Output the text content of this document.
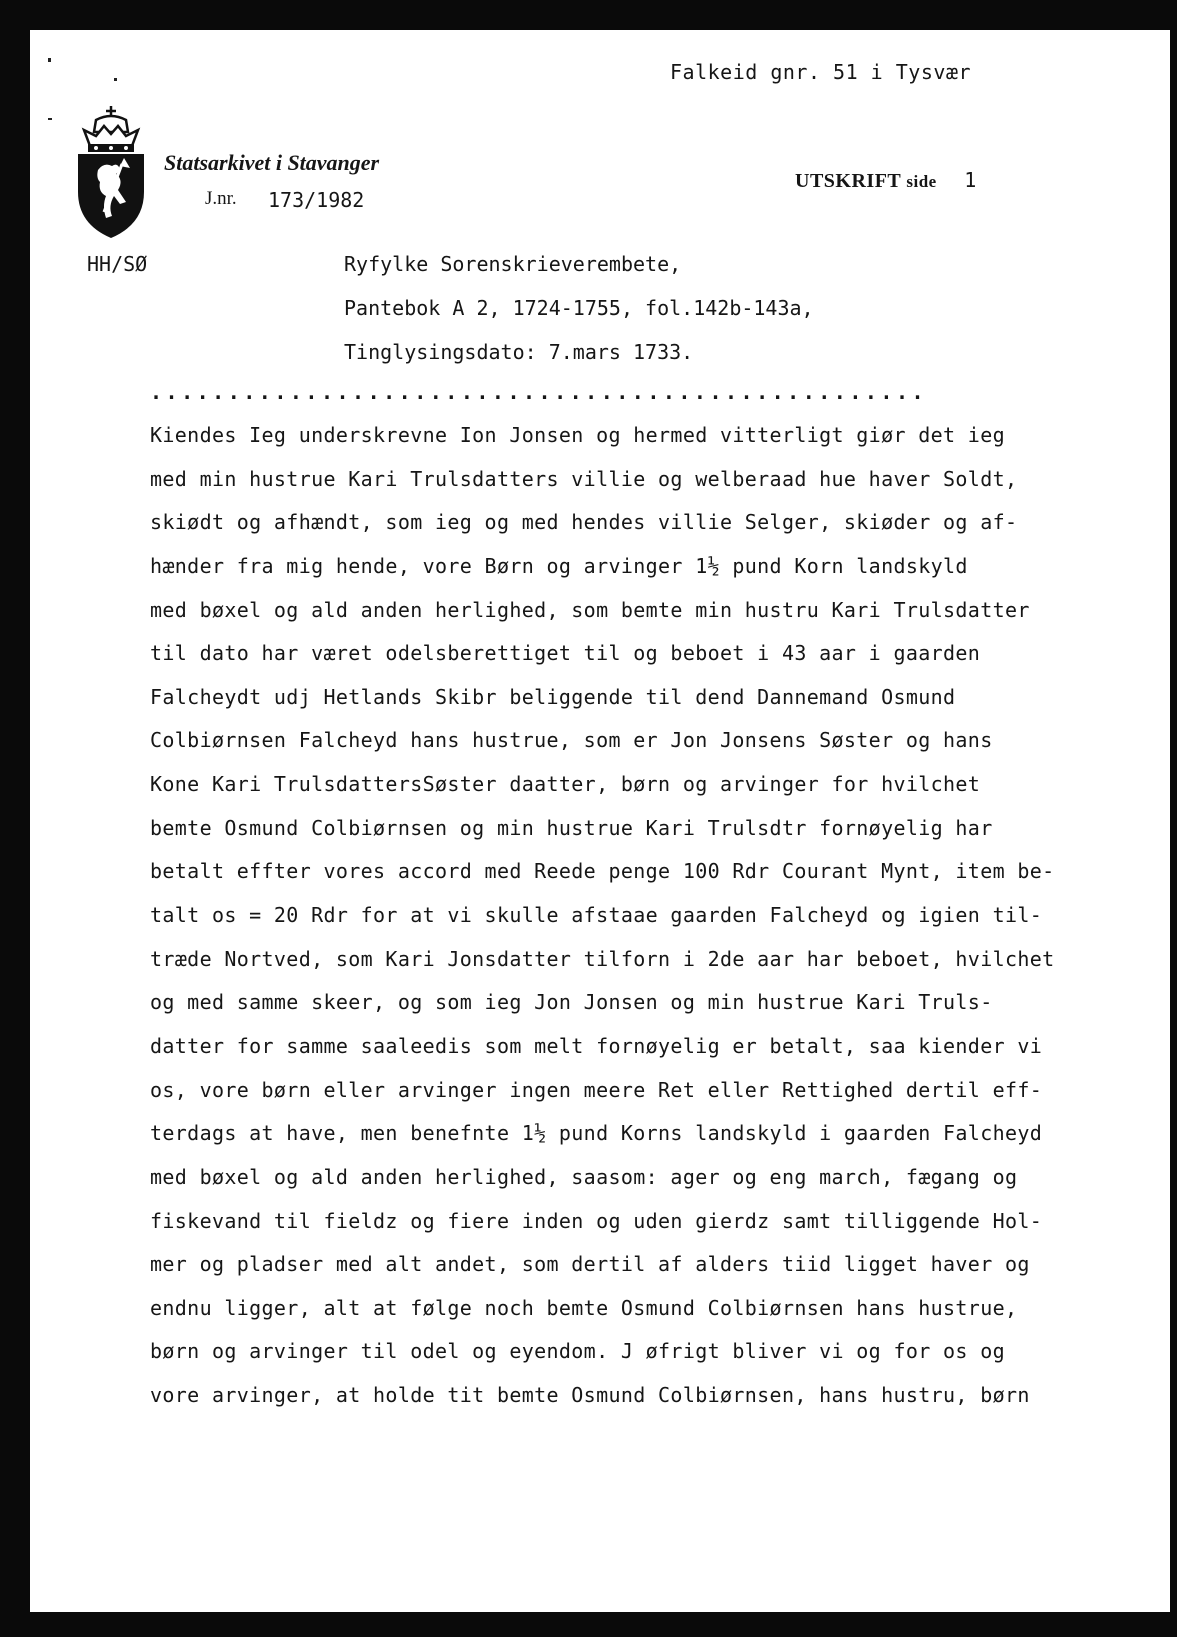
Falkeid gnr. 51 i Tysvær
Statsarkivet i Stavanger
J.nr. 173/1982
UTSKRIFT side 1
HH/SØ	Ryfylke Sorenskrieverembete,
Pantebok A 2, 1724-1755, fol.142b-143a,
Tinglysingsdato: 7.mars 1733.
..................................................
Kiendes Ieg underskrevne Ion Jonsen og hermed vitterligt giør det ieg
med min hustrue Kari Trulsdatters villie og welberaad hue haver Soldt,
skiødt og afhændt, som ieg og med hendes villie Selger, skiøder og af-
hænder fra mig hende, vore Børn og arvinger 1½ pund Korn landskyld
med bøxel og ald anden herlighed, som bemte min hustru Kari Trulsdatter
til dato har været odelsberettiget til og beboet i 43 aar i gaarden
Falcheydt udj Hetlands Skibr beliggende til dend Dannemand Osmund
Colbiørnsen Falcheyd hans hustrue, som er Jon Jonsens Søster og hans
Kone Kari TrulsdattersSøster daatter, børn og arvinger for hvilchet
bemte Osmund Colbiørnsen og min hustrue Kari Trulsdtr fornøyelig har
betalt effter vores accord med Reede penge 100 Rdr Courant Mynt, item be-
talt os = 20 Rdr for at vi skulle afstaae gaarden Falcheyd og igien til-
træde Nortved, som Kari Jonsdatter tilforn i 2de aar har beboet, hvilchet
og med samme skeer, og som ieg Jon Jonsen og min hustrue Kari Truls-
datter for samme saaleedis som melt fornøyelig er betalt, saa kiender vi
os, vore børn eller arvinger ingen meere Ret eller Rettighed dertil eff-
terdags at have, men benefnte 1½ pund Korns landskyld i gaarden Falcheyd
med bøxel og ald anden herlighed, saasom: ager og eng march, fægang og
fiskevand til fieldz og fiere inden og uden gierdz samt tilliggende Hol-
mer og pladser med alt andet, som dertil af alders tiid ligget haver og
endnu ligger, alt at følge noch bemte Osmund Colbiørnsen hans hustrue,
børn og arvinger til odel og eyendom. J øfrigt bliver vi og for os og
vore arvinger, at holde tit bemte Osmund Colbiørnsen, hans hustru, børn
